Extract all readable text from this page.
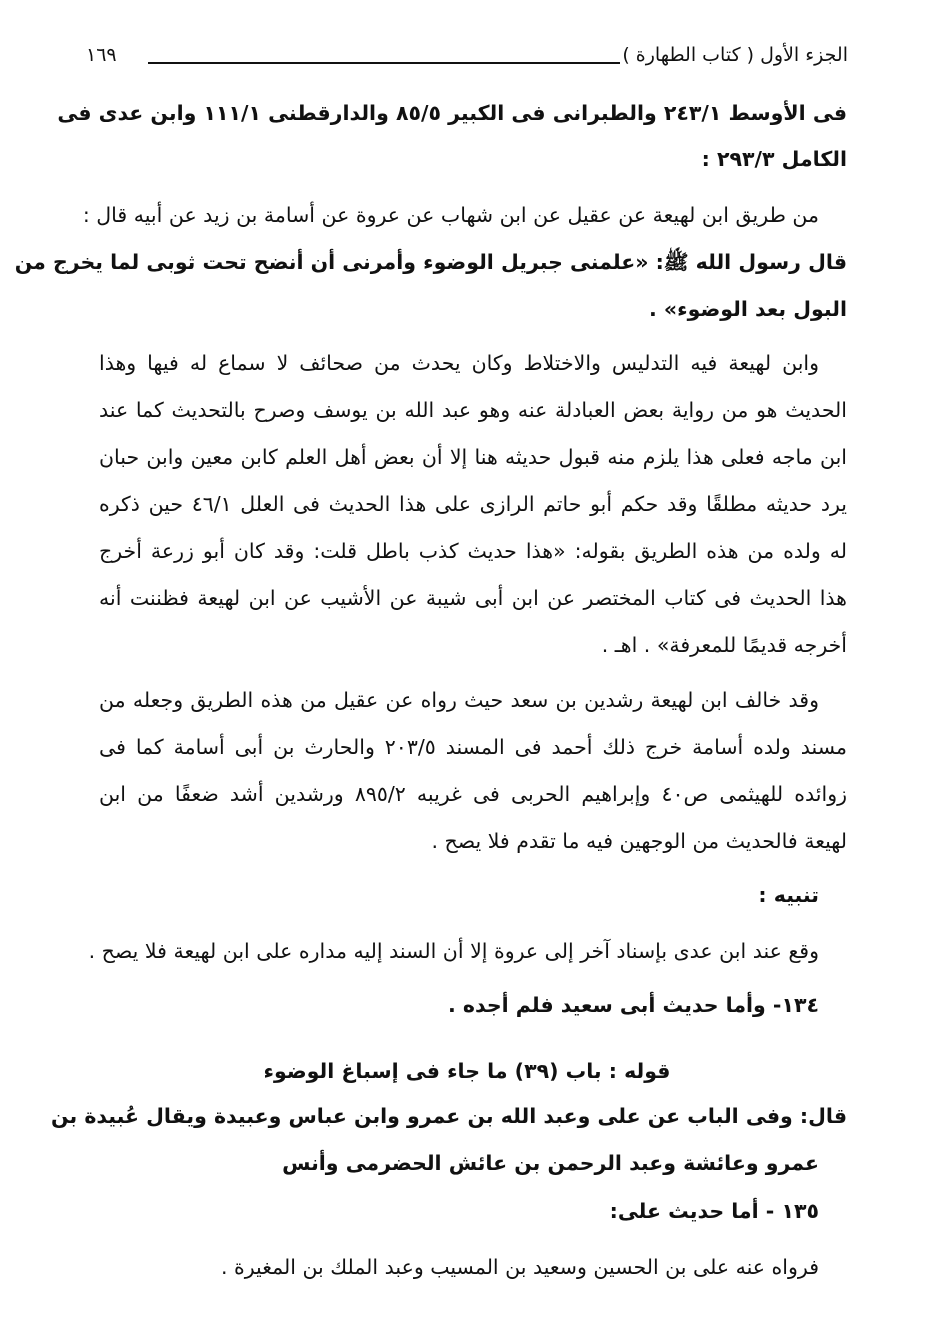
الجزء الأول ( كتاب الطهارة )
١٦٩
فى الأوسط ٢٤٣/١ والطبرانى فى الكبير ٨٥/٥ والدارقطنى ١١١/١ وابن عدى فى
الكامل ٢٩٣/٣ :
من طريق ابن لهيعة عن عقيل عن ابن شهاب عن عروة عن أسامة بن زيد عن أبيه قال :
قال رسول الله ﷺ: «علمنى جبريل الوضوء وأمرنى أن أنضح تحت ثوبى لما يخرج من
البول بعد الوضوء» .
وابن لهيعة فيه التدليس والاختلاط وكان يحدث من صحائف لا سماع له فيها وهذا
الحديث هو من رواية بعض العبادلة عنه وهو عبد الله بن يوسف وصرح بالتحديث كما عند
ابن ماجه فعلى هذا يلزم منه قبول حديثه هنا إلا أن بعض أهل العلم كابن معين وابن حبان
يرد حديثه مطلقًا وقد حكم أبو حاتم الرازى على هذا الحديث فى العلل ٤٦/١ حين ذكره
له ولده من هذه الطريق بقوله: «هذا حديث كذب باطل قلت: وقد كان أبو زرعة أخرج
هذا الحديث فى كتاب المختصر عن ابن أبى شيبة عن الأشيب عن ابن لهيعة فظننت أنه
أخرجه قديمًا للمعرفة» . اهـ .
وقد خالف ابن لهيعة رشدين بن سعد حيث رواه عن عقيل من هذه الطريق وجعله من
مسند ولده أسامة خرج ذلك أحمد فى المسند ٢٠٣/٥ والحارث بن أبى أسامة كما فى
زوائده للهيثمى ص٤٠ وإبراهيم الحربى فى غريبه ٨٩٥/٢ ورشدين أشد ضعفًا من ابن
لهيعة فالحديث من الوجهين فيه ما تقدم فلا يصح .
تنبيه :
وقع عند ابن عدى بإسناد آخر إلى عروة إلا أن السند إليه مداره على ابن لهيعة فلا يصح .
١٣٤- وأما حديث أبى سعيد فلم أجده .
قوله : باب (٣٩) ما جاء فى إسباغ الوضوء
قال: وفى الباب عن على وعبد الله بن عمرو وابن عباس وعبيدة ويقال عُبيدة بن
عمرو وعائشة وعبد الرحمن بن عائش الحضرمى وأنس
١٣٥ - أما حديث على:
فرواه عنه على بن الحسين وسعيد بن المسيب وعبد الملك بن المغيرة .
